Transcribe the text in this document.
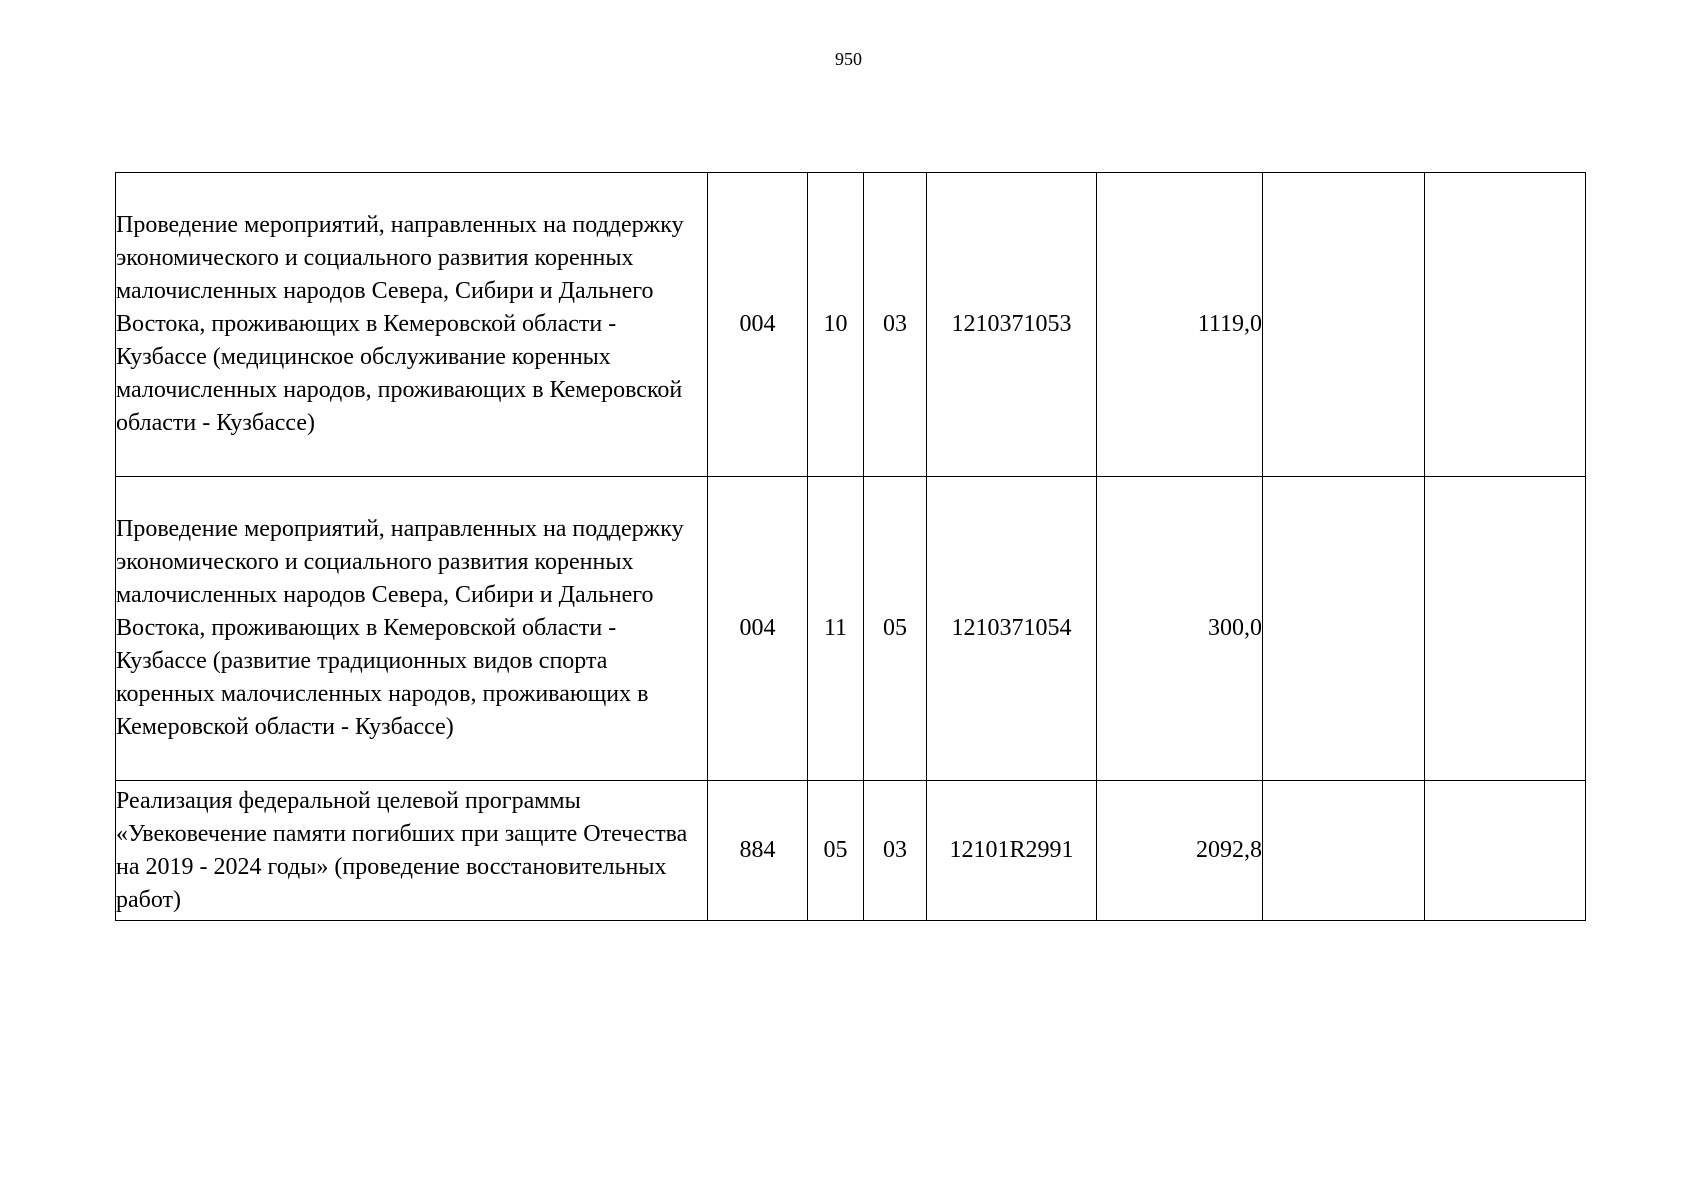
950
Проведение мероприятий, направленных на поддержку экономического и социального развития коренных малочисленных народов Севера, Сибири и Дальнего Востока, проживающих в Кемеровской области - Кузбассе (медицинское обслуживание коренных малочисленных народов, проживающих в Кемеровской области - Кузбассе)	004	10	03	1210371053	1119,0		
Проведение мероприятий, направленных на поддержку экономического и социального развития коренных малочисленных народов Севера, Сибири и Дальнего Востока, проживающих в Кемеровской области - Кузбассе (развитие традиционных видов спорта коренных малочисленных народов, проживающих в Кемеровской области - Кузбассе)	004	11	05	1210371054	300,0		
Реализация федеральной целевой программы «Увековечение памяти погибших при защите Отечества на 2019 - 2024 годы» (проведение восстановительных работ)	884	05	03	12101R2991	2092,8		
